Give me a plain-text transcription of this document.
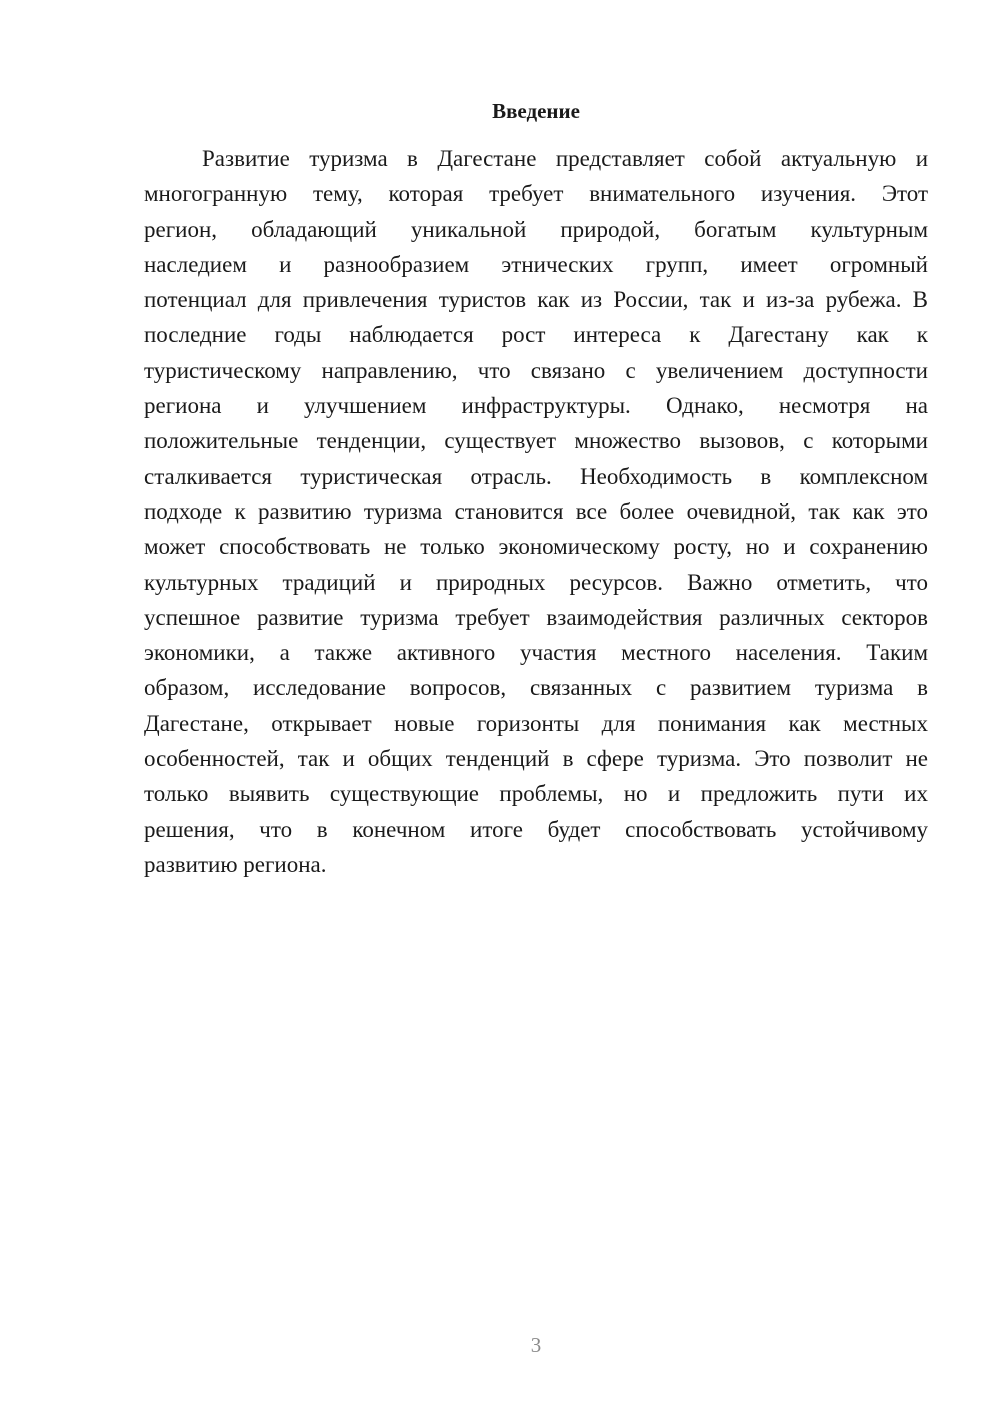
Введение
Развитие туризма в Дагестане представляет собой актуальную и
многогранную тему, которая требует внимательного изучения. Этот
регион, обладающий уникальной природой, богатым культурным
наследием и разнообразием этнических групп, имеет огромный
потенциал для привлечения туристов как из России, так и из-за рубежа. В
последние годы наблюдается рост интереса к Дагестану как к
туристическому направлению, что связано с увеличением доступности
региона и улучшением инфраструктуры. Однако, несмотря на
положительные тенденции, существует множество вызовов, с которыми
сталкивается туристическая отрасль. Необходимость в комплексном
подходе к развитию туризма становится все более очевидной, так как это
может способствовать не только экономическому росту, но и сохранению
культурных традиций и природных ресурсов. Важно отметить, что
успешное развитие туризма требует взаимодействия различных секторов
экономики, а также активного участия местного населения. Таким
образом, исследование вопросов, связанных с развитием туризма в
Дагестане, открывает новые горизонты для понимания как местных
особенностей, так и общих тенденций в сфере туризма. Это позволит не
только выявить существующие проблемы, но и предложить пути их
решения, что в конечном итоге будет способствовать устойчивому
развитию региона.
3
